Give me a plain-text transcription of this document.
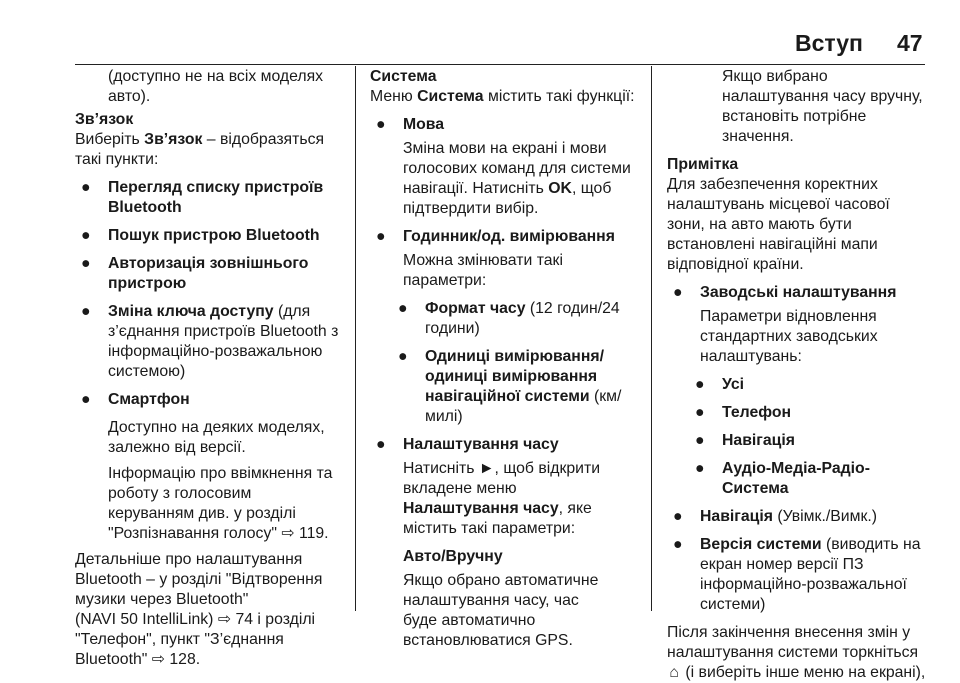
Вступ 47
(доступно не на всіх моделях
авто).
Зв’язок
Виберіть Зв’язок – відобразяться
такі пункти:
● Перегляд списку пристроїв
Bluetooth
● Пошук пристрою Bluetooth
● Авторизація зовнішнього
пристрою
● Зміна ключа доступу (для
з’єднання пристроїв Bluetooth з
інформаційно-розважальною
системою)
● Смартфон
Доступно на деяких моделях,
залежно від версії.
Інформацію про ввімкнення та
роботу з голосовим
керуванням див. у розділі
"Розпізнавання голосу" ⇨ 119.
Детальніше про налаштування
Bluetooth – у розділі "Відтворення
музики через Bluetooth"
(NAVI 50 IntelliLink) ⇨ 74 і розділі
"Телефон", пункт "З’єднання
Bluetooth" ⇨ 128.
Система
Меню Система містить такі функції:
● Мова
Зміна мови на екрані і мови
голосових команд для системи
навігації. Натисніть OK, щоб
підтвердити вибір.
● Годинник/од. вимірювання
Можна змінювати такі
параметри:
● Формат часу (12 годин/24
години)
● Одиниці вимірювання/
одиниці вимірювання
навігаційної системи (км/
милі)
● Налаштування часу
Натисніть ►, щоб відкрити
вкладене меню
Налаштування часу, яке
містить такі параметри:
Авто/Вручну
Якщо обрано автоматичне
налаштування часу, час
буде автоматично
встановлюватися GPS.
Якщо вибрано
налаштування часу вручну,
встановіть потрібне
значення.
Примітка
Для забезпечення коректних
налаштувань місцевої часової
зони, на авто мають бути
встановлені навігаційні мапи
відповідної країни.
● Заводські налаштування
Параметри відновлення
стандартних заводських
налаштувань:
● Усі
● Телефон
● Навігація
● Аудіо-Медіа-Радіо-
Система
● Навігація (Увімк./Вимк.)
● Версія системи (виводить на
екран номер версії ПЗ
інформаційно-розважальної
системи)
Після закінчення внесення змін у
налаштування системи торкніться
⌂ (і виберіть інше меню на екрані),
